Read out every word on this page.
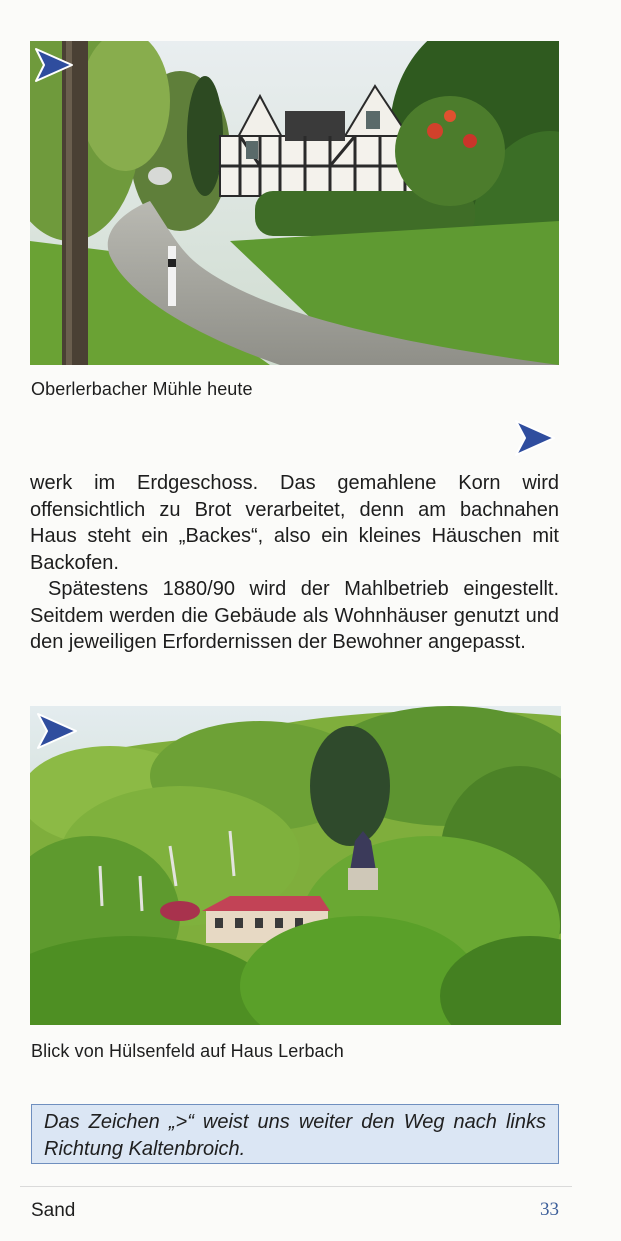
Oberlerbacher Mühle heute

werk im Erdgeschoss. Das gemahlene Korn wird offensichtlich zu Brot verarbeitet, denn am bachnahen Haus steht ein „Backes“, also ein kleines Häuschen mit Backofen.

Spätestens 1880/90 wird der Mahlbetrieb eingestellt. Seitdem werden die Gebäude als Wohnhäuser genutzt und den jeweiligen Erfordernissen der Bewohner angepasst.

Blick von Hülsenfeld auf Haus Lerbach
Das Zeichen „>“ weist uns weiter den Weg nach links Richtung Kaltenbroich.
Sand	33
